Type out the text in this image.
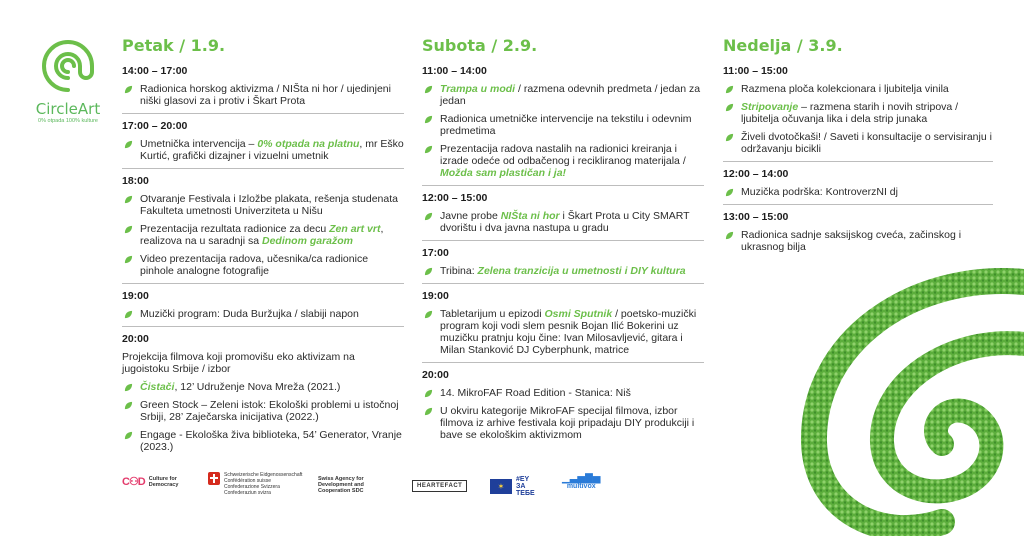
CircleArt
0% otpada 100% kulture
Petak / 1.9.
14:00 – 17:00
Radionica horskog aktivizma / NIŠta ni hor / ujedinjeni niški glasovi za i protiv i Škart Prota
17:00 – 20:00
Umetnička intervencija – 0% otpada na platnu, mr Eško Kurtić, grafički dizajner i vizuelni umetnik
18:00
Otvaranje Festivala i Izložbe plakata, rešenja studenata Fakulteta umetnosti Univerziteta u Nišu
Prezentacija rezultata radionice za decu Zen art vrt, realizova na u saradnji sa Dedinom garažom
Video prezentacija radova, učesnika/ca radionice pinhole analogne fotografije
19:00
Muzički program: Duda Buržujka / slabiji napon
20:00
Projekcija filmova koji promovišu eko aktivizam na jugoistoku Srbije / izbor
Čistači, 12’ Udruženje Nova Mreža (2021.)
Green Stock – Zeleni istok: Ekološki problemi u istočnoj Srbiji, 28’ Zaječarska inicijativa (2022.)
Engage - Ekološka živa biblioteka, 54’ Generator, Vranje (2023.)
Subota / 2.9.
11:00 – 14:00
Trampa u modi / razmena odevnih predmeta / jedan za jedan
Radionica umetničke intervencije na tekstilu i odevnim predmetima
Prezentacija radova nastalih na radionici kreiranja i izrade odeće od odbačenog i recikliranog materijala / Možda sam plastičan i ja!
12:00 – 15:00
Javne probe NIŠta ni hor i Škart Prota u City SMART dvorištu i dva javna nastupa u gradu
17:00
Tribina: Zelena tranzicija u umetnosti i DIY kultura
19:00
Tabletarijum u epizodi Osmi Sputnik / poetsko-muzički program koji vodi slem pesnik Bojan Ilić Bokerini uz muzičku pratnju koju čine: Ivan Milosavljević, gitara i Milan Stanković DJ Cyberphunk, matrice
20:00
14. MikroFAF Road Edition - Stanica: Niš
U okviru kategorije MikroFAF specijal filmova, izbor filmova iz arhive festivala koji pripadaju DIY produkciji i bave se ekološkim aktivizmom
Nedelja / 3.9.
11:00 – 15:00
Razmena ploča kolekcionara i ljubitelja vinila
Stripovanje – razmena starih i novih stripova / ljubitelja očuvanja lika i dela strip junaka
Živeli dvotočkaši! / Saveti i konsultacije o servisiranju i održavanju bicikli
12:00 – 14:00
Muzička podrška: KontroverzNI dj
13:00 – 15:00
Radionica sadnje saksijskog cveća, začinskog i ukrasnog bilja
C⚇D Culture for Democracy
Schweizerische Eidgenossenschaft
Confédération suisse
Confederazione Svizzera
Confederaziun svizra
Swiss Agency for Development and Cooperation SDC
HEARTEFACT	✶
#EY ЗА ТЕБЕ
▁▃▅▇▅
multivox
